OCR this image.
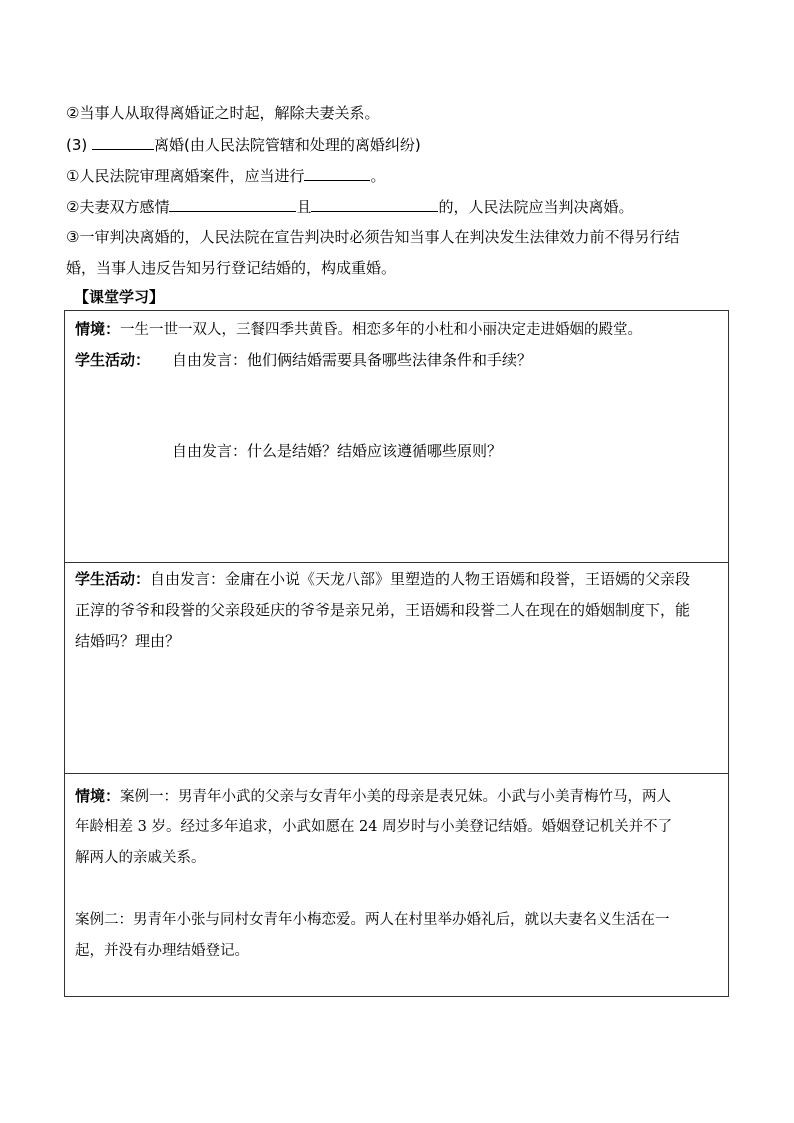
②当事人从取得离婚证之时起，解除夫妻关系。
(3)	离婚(由人民法院管辖和处理的离婚纠纷)
①人民法院审理离婚案件，应当进行	。
②夫妻双方感情	且	的，人民法院应当判决离婚。
③一审判决离婚的，人民法院在宣告判决时必须告知当事人在判决发生法律效力前不得另行结
婚，当事人违反告知另行登记结婚的，构成重婚。
【课堂学习】
情境：一生一世一双人，三餐四季共黄昏。相恋多年的小杜和小丽决定走进婚姻的殿堂。
学生活动： 自由发言：他们俩结婚需要具备哪些法律条件和手续？
自由发言：什么是结婚？结婚应该遵循哪些原则？
学生活动：自由发言：金庸在小说《天龙八部》里塑造的人物王语嫣和段誉，王语嫣的父亲段
正淳的爷爷和段誉的父亲段延庆的爷爷是亲兄弟，王语嫣和段誉二人在现在的婚姻制度下，能
结婚吗？理由？
情境：案例一：男青年小武的父亲与女青年小美的母亲是表兄妹。小武与小美青梅竹马，两人
年龄相差 3 岁。经过多年追求，小武如愿在 24 周岁时与小美登记结婚。婚姻登记机关并不了
解两人的亲戚关系。
案例二：男青年小张与同村女青年小梅恋爱。两人在村里举办婚礼后，就以夫妻名义生活在一
起，并没有办理结婚登记。
